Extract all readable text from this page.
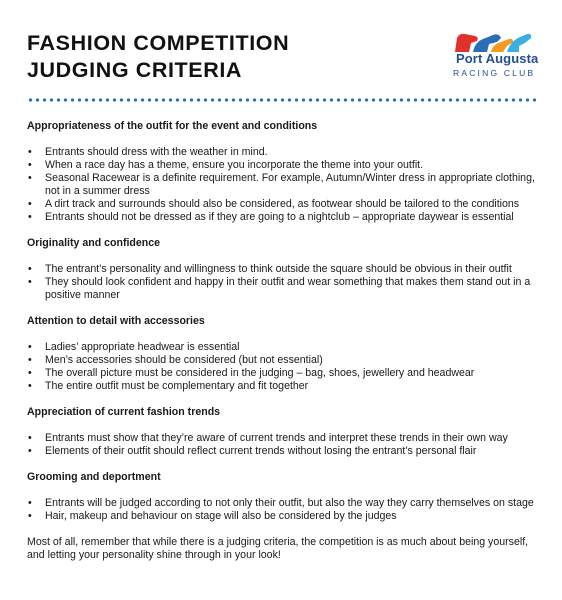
FASHION COMPETITION
JUDGING CRITERIA	Port Augusta
RACING CLUB
Appropriateness of the outfit for the event and conditions
• Entrants should dress with the weather in mind.
• When a race day has a theme, ensure you incorporate the theme into your outfit.
• Seasonal Racewear is a definite requirement. For example, Autumn/Winter dress in appropriate clothing, not in a summer dress
• A dirt track and surrounds should also be considered, as footwear should be tailored to the conditions
• Entrants should not be dressed as if they are going to a nightclub – appropriate daywear is essential
Originality and confidence
• The entrant’s personality and willingness to think outside the square should be obvious in their outfit
• They should look confident and happy in their outfit and wear something that makes them stand out in a positive manner
Attention to detail with accessories
• Ladies’ appropriate headwear is essential
• Men’s accessories should be considered (but not essential)
• The overall picture must be considered in the judging – bag, shoes, jewellery and headwear
• The entire outfit must be complementary and fit together
Appreciation of current fashion trends
• Entrants must show that they’re aware of current trends and interpret these trends in their own way
• Elements of their outfit should reflect current trends without losing the entrant’s personal flair
Grooming and deportment
• Entrants will be judged according to not only their outfit, but also the way they carry themselves on stage
• Hair, makeup and behaviour on stage will also be considered by the judges

Most of all, remember that while there is a judging criteria, the competition is as much about being yourself, and letting your personality shine through in your look!
